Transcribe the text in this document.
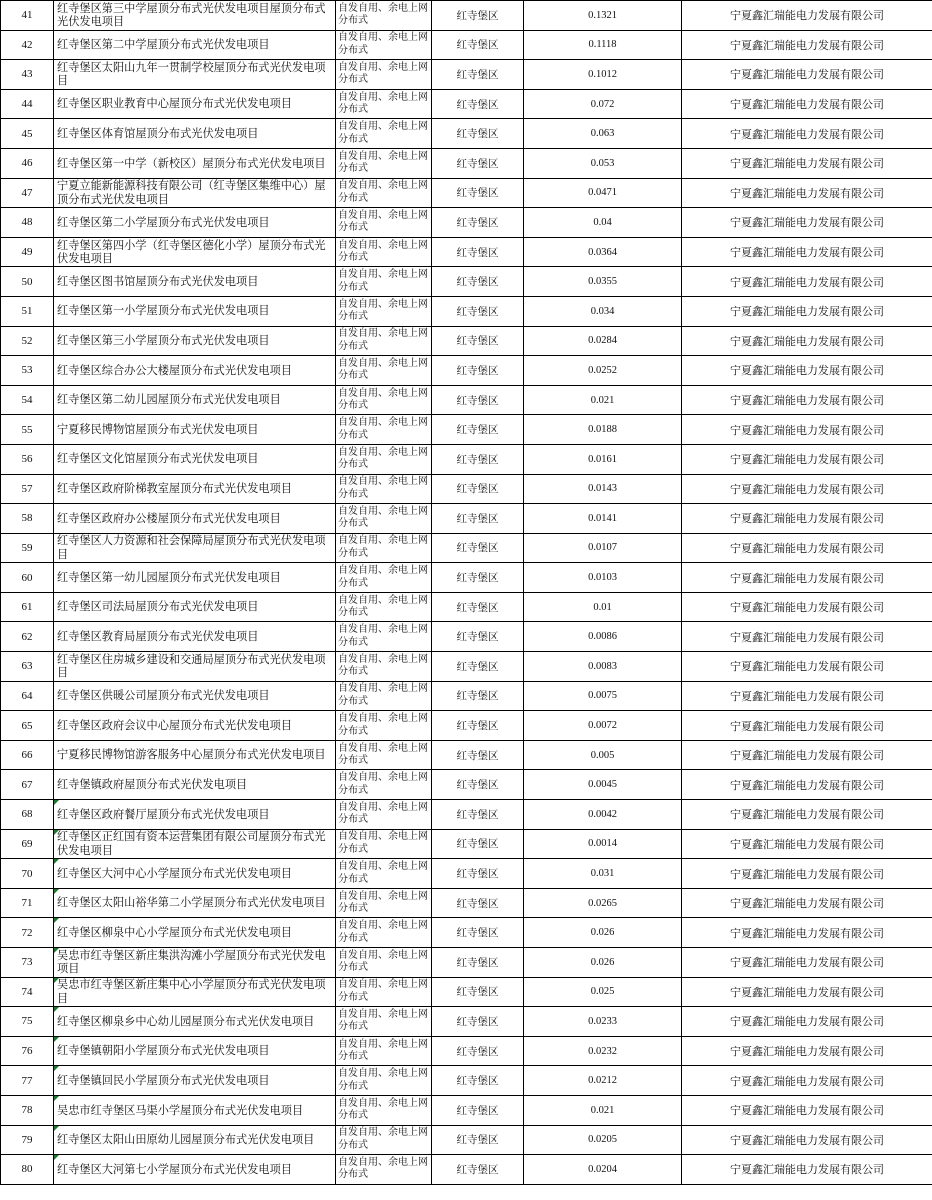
41	红寺堡区第三中学屋顶分布式光伏发电项目屋顶分布式光伏发电项目	自发自用、余电上网分布式	红寺堡区	0.1321	宁夏鑫汇瑞能电力发展有限公司
42	红寺堡区第二中学屋顶分布式光伏发电项目	自发自用、余电上网分布式	红寺堡区	0.1118	宁夏鑫汇瑞能电力发展有限公司
43	红寺堡区太阳山九年一贯制学校屋顶分布式光伏发电项目	自发自用、余电上网分布式	红寺堡区	0.1012	宁夏鑫汇瑞能电力发展有限公司
44	红寺堡区职业教育中心屋顶分布式光伏发电项目	自发自用、余电上网分布式	红寺堡区	0.072	宁夏鑫汇瑞能电力发展有限公司
45	红寺堡区体育馆屋顶分布式光伏发电项目	自发自用、余电上网分布式	红寺堡区	0.063	宁夏鑫汇瑞能电力发展有限公司
46	红寺堡区第一中学（新校区）屋顶分布式光伏发电项目	自发自用、余电上网分布式	红寺堡区	0.053	宁夏鑫汇瑞能电力发展有限公司
47	宁夏立能新能源科技有限公司（红寺堡区集维中心）屋顶分布式光伏发电项目	自发自用、余电上网分布式	红寺堡区	0.0471	宁夏鑫汇瑞能电力发展有限公司
48	红寺堡区第二小学屋顶分布式光伏发电项目	自发自用、余电上网分布式	红寺堡区	0.04	宁夏鑫汇瑞能电力发展有限公司
49	红寺堡区第四小学（红寺堡区德化小学）屋顶分布式光伏发电项目	自发自用、余电上网分布式	红寺堡区	0.0364	宁夏鑫汇瑞能电力发展有限公司
50	红寺堡区图书馆屋顶分布式光伏发电项目	自发自用、余电上网分布式	红寺堡区	0.0355	宁夏鑫汇瑞能电力发展有限公司
51	红寺堡区第一小学屋顶分布式光伏发电项目	自发自用、余电上网分布式	红寺堡区	0.034	宁夏鑫汇瑞能电力发展有限公司
52	红寺堡区第三小学屋顶分布式光伏发电项目	自发自用、余电上网分布式	红寺堡区	0.0284	宁夏鑫汇瑞能电力发展有限公司
53	红寺堡区综合办公大楼屋顶分布式光伏发电项目	自发自用、余电上网分布式	红寺堡区	0.0252	宁夏鑫汇瑞能电力发展有限公司
54	红寺堡区第二幼儿园屋顶分布式光伏发电项目	自发自用、余电上网分布式	红寺堡区	0.021	宁夏鑫汇瑞能电力发展有限公司
55	宁夏移民博物馆屋顶分布式光伏发电项目	自发自用、余电上网分布式	红寺堡区	0.0188	宁夏鑫汇瑞能电力发展有限公司
56	红寺堡区文化馆屋顶分布式光伏发电项目	自发自用、余电上网分布式	红寺堡区	0.0161	宁夏鑫汇瑞能电力发展有限公司
57	红寺堡区政府阶梯教室屋顶分布式光伏发电项目	自发自用、余电上网分布式	红寺堡区	0.0143	宁夏鑫汇瑞能电力发展有限公司
58	红寺堡区政府办公楼屋顶分布式光伏发电项目	自发自用、余电上网分布式	红寺堡区	0.0141	宁夏鑫汇瑞能电力发展有限公司
59	红寺堡区人力资源和社会保障局屋顶分布式光伏发电项目	自发自用、余电上网分布式	红寺堡区	0.0107	宁夏鑫汇瑞能电力发展有限公司
60	红寺堡区第一幼儿园屋顶分布式光伏发电项目	自发自用、余电上网分布式	红寺堡区	0.0103	宁夏鑫汇瑞能电力发展有限公司
61	红寺堡区司法局屋顶分布式光伏发电项目	自发自用、余电上网分布式	红寺堡区	0.01	宁夏鑫汇瑞能电力发展有限公司
62	红寺堡区教育局屋顶分布式光伏发电项目	自发自用、余电上网分布式	红寺堡区	0.0086	宁夏鑫汇瑞能电力发展有限公司
63	红寺堡区住房城乡建设和交通局屋顶分布式光伏发电项目	自发自用、余电上网分布式	红寺堡区	0.0083	宁夏鑫汇瑞能电力发展有限公司
64	红寺堡区供暖公司屋顶分布式光伏发电项目	自发自用、余电上网分布式	红寺堡区	0.0075	宁夏鑫汇瑞能电力发展有限公司
65	红寺堡区政府会议中心屋顶分布式光伏发电项目	自发自用、余电上网分布式	红寺堡区	0.0072	宁夏鑫汇瑞能电力发展有限公司
66	宁夏移民博物馆游客服务中心屋顶分布式光伏发电项目	自发自用、余电上网分布式	红寺堡区	0.005	宁夏鑫汇瑞能电力发展有限公司
67	红寺堡镇政府屋顶分布式光伏发电项目	自发自用、余电上网分布式	红寺堡区	0.0045	宁夏鑫汇瑞能电力发展有限公司
68	红寺堡区政府餐厅屋顶分布式光伏发电项目	自发自用、余电上网分布式	红寺堡区	0.0042	宁夏鑫汇瑞能电力发展有限公司
69	红寺堡区正红国有资本运营集团有限公司屋顶分布式光伏发电项目	自发自用、余电上网分布式	红寺堡区	0.0014	宁夏鑫汇瑞能电力发展有限公司
70	红寺堡区大河中心小学屋顶分布式光伏发电项目	自发自用、余电上网分布式	红寺堡区	0.031	宁夏鑫汇瑞能电力发展有限公司
71	红寺堡区太阳山裕华第二小学屋顶分布式光伏发电项目	自发自用、余电上网分布式	红寺堡区	0.0265	宁夏鑫汇瑞能电力发展有限公司
72	红寺堡区柳泉中心小学屋顶分布式光伏发电项目	自发自用、余电上网分布式	红寺堡区	0.026	宁夏鑫汇瑞能电力发展有限公司
73	吴忠市红寺堡区新庄集洪沟滩小学屋顶分布式光伏发电项目	自发自用、余电上网分布式	红寺堡区	0.026	宁夏鑫汇瑞能电力发展有限公司
74	吴忠市红寺堡区新庄集中心小学屋顶分布式光伏发电项目	自发自用、余电上网分布式	红寺堡区	0.025	宁夏鑫汇瑞能电力发展有限公司
75	红寺堡区柳泉乡中心幼儿园屋顶分布式光伏发电项目	自发自用、余电上网分布式	红寺堡区	0.0233	宁夏鑫汇瑞能电力发展有限公司
76	红寺堡镇朝阳小学屋顶分布式光伏发电项目	自发自用、余电上网分布式	红寺堡区	0.0232	宁夏鑫汇瑞能电力发展有限公司
77	红寺堡镇回民小学屋顶分布式光伏发电项目	自发自用、余电上网分布式	红寺堡区	0.0212	宁夏鑫汇瑞能电力发展有限公司
78	吴忠市红寺堡区马渠小学屋顶分布式光伏发电项目	自发自用、余电上网分布式	红寺堡区	0.021	宁夏鑫汇瑞能电力发展有限公司
79	红寺堡区太阳山田原幼儿园屋顶分布式光伏发电项目	自发自用、余电上网分布式	红寺堡区	0.0205	宁夏鑫汇瑞能电力发展有限公司
80	红寺堡区大河第七小学屋顶分布式光伏发电项目	自发自用、余电上网分布式	红寺堡区	0.0204	宁夏鑫汇瑞能电力发展有限公司
